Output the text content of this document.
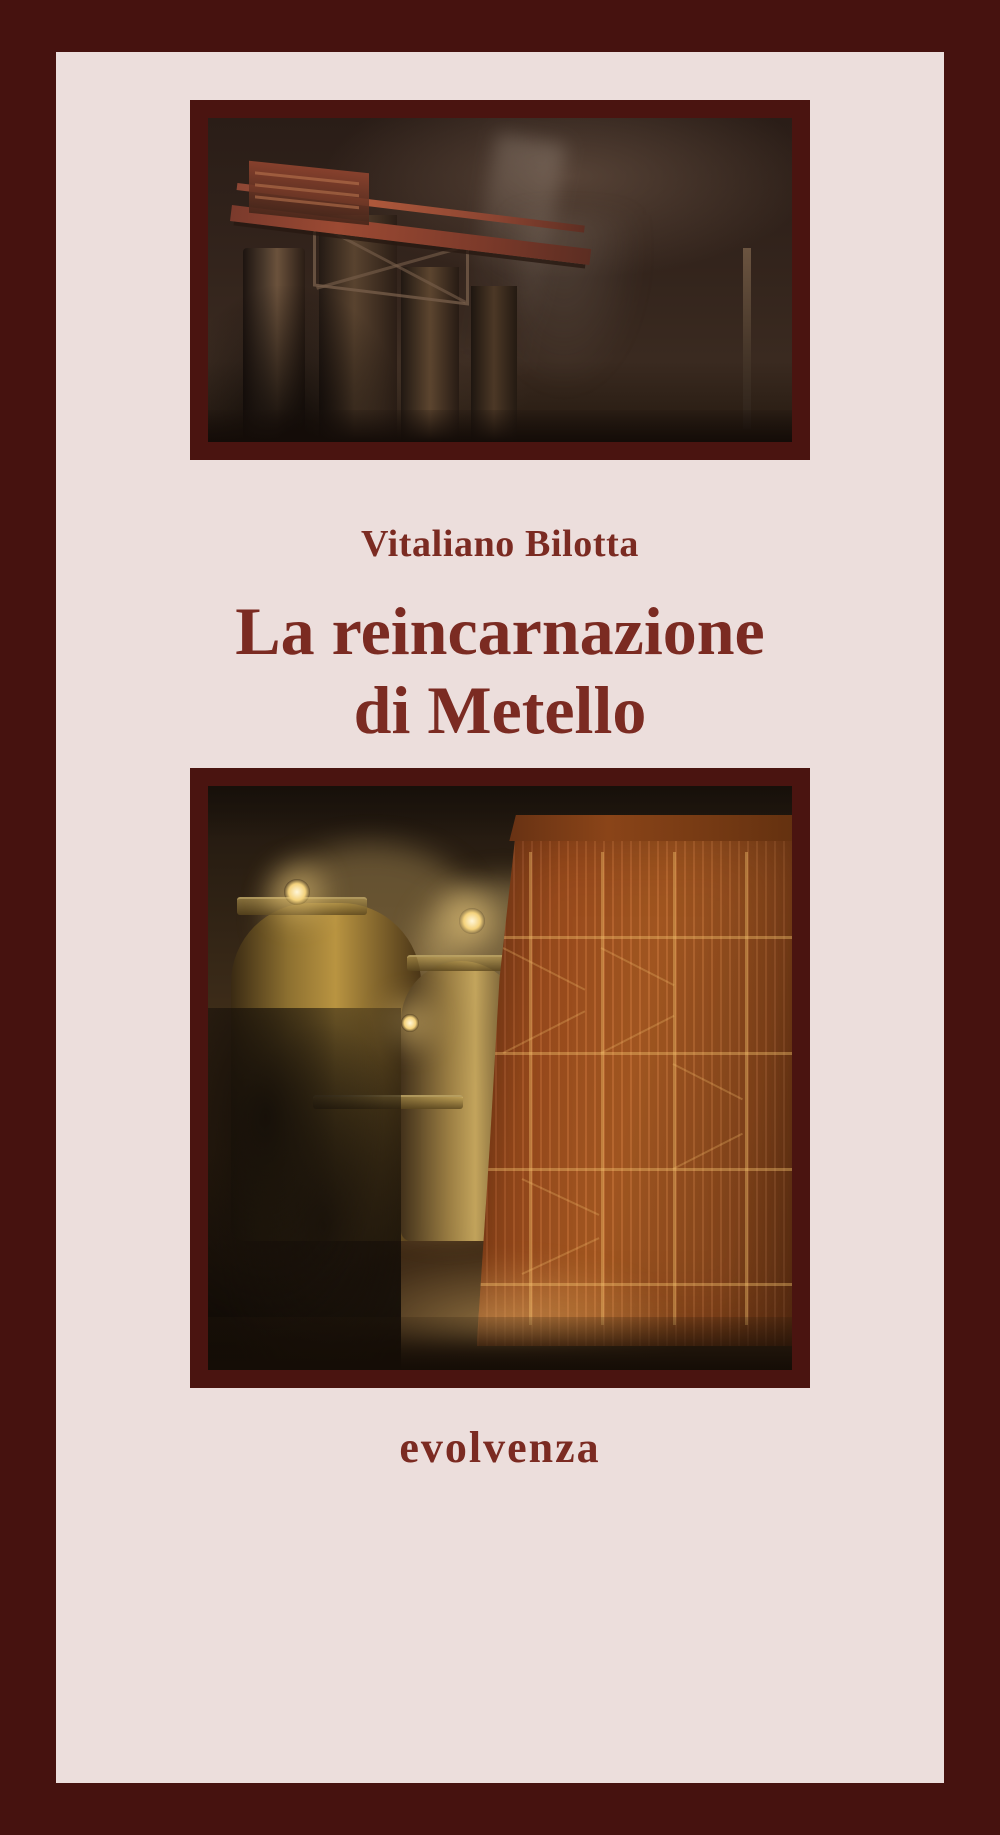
Vitaliano Bilotta
La reincarnazione
di Metello
evolvenza
